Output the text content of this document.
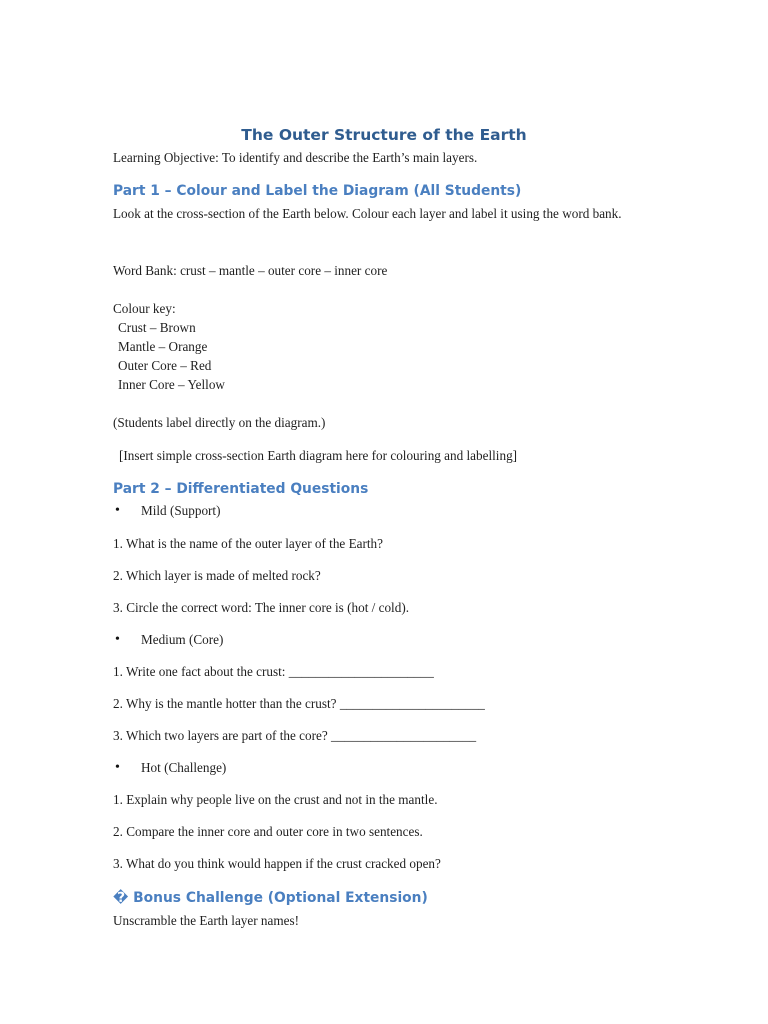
The Outer Structure of the Earth

Learning Objective: To identify and describe the Earth’s main layers.

Part 1 – Colour and Label the Diagram (All Students)

Look at the cross-section of the Earth below. Colour each layer and label it using the word bank.

Word Bank: crust – mantle – outer core – inner core

Colour key:

Crust – Brown

Mantle – Orange

Outer Core – Red

Inner Core – Yellow

(Students label directly on the diagram.)

[Insert simple cross-section Earth diagram here for colouring and labelling]

Part 2 – Differentiated Questions
• Mild (Support)

1. What is the name of the outer layer of the Earth?

2. Which layer is made of melted rock?

3. Circle the correct word: The inner core is (hot / cold).

• Medium (Core)

1. Write one fact about the crust: ______________________

2. Why is the mantle hotter than the crust? ______________________

3. Which two layers are part of the core? ______________________

• Hot (Challenge)

1. Explain why people live on the crust and not in the mantle.

2. Compare the inner core and outer core in two sentences.

3. What do you think would happen if the crust cracked open?

� Bonus Challenge (Optional Extension)

Unscramble the Earth layer names!
